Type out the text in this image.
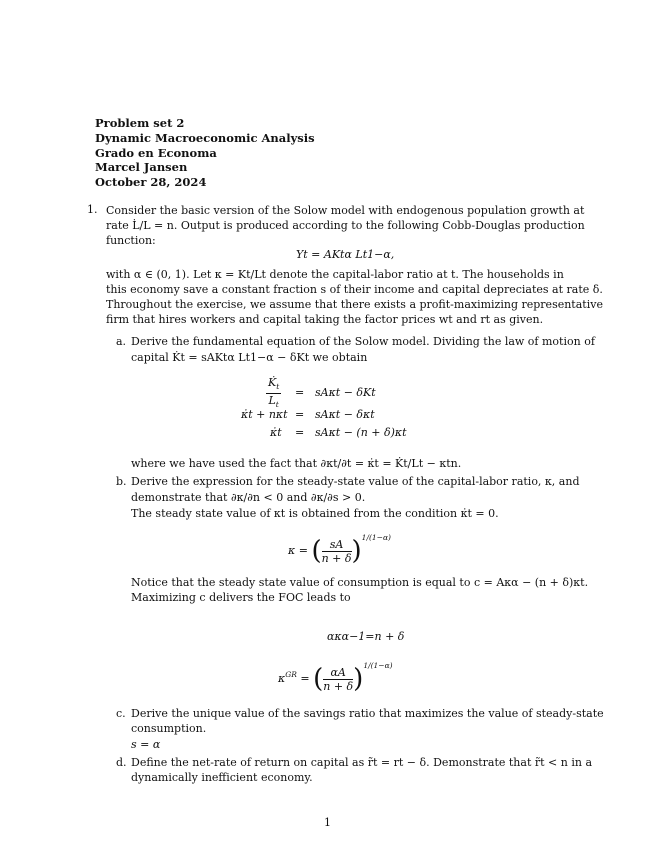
Problem set 2
Dynamic Macroeconomic Analysis
Grado en Economa
Marcel Jansen
October 28, 2024
1. Consider the basic version of the Solow model with endogenous population growth at
rate L̇/L = n. Output is produced according to the following Cobb-Douglas production
function:
Yt = AKtα Lt1−α,
with α ∈ (0, 1). Let κ = Kt/Lt denote the capital-labor ratio at t. The households in
this economy save a constant fraction s of their income and capital depreciates at rate δ.
Throughout the exercise, we assume that there exists a profit-maximizing representative
firm that hires workers and capital taking the factor prices wt and rt as given.
a. Derive the fundamental equation of the Solow model. Dividing the law of motion of
capital K̇t = sAKtα Lt1−α − δKt we obtain
$\frac{K̇_t}{L_t} = sA\kappa t - \delta Kt$
κ̇t + nκt = sAκt − δκt
κ̇t = sAκt − (n + δ)κt
where we have used the fact that ∂κt/∂t = κ̇t = K̇t/Lt − κtn.
b. Derive the expression for the steady-state value of the capital-labor ratio, κ, and
demonstrate that ∂κ/∂n < 0 and ∂κ/∂s > 0.
The steady state value of κt is obtained from the condition κ̇t = 0.
κ = ( $\frac{sA}{n + \delta} )^{1/(1-\alpha)}$
Notice that the steady state value of consumption is equal to c = Aκα − (n + δ)κt.
Maximizing c delivers the FOC leads to
ακα−1=n + δ
$\kappa^{GR}$ = ( $\frac{\alpha A}{n + \delta} )^{1/(1-\alpha)}$
c. Derive the unique value of the savings ratio that maximizes the value of steady-state
consumption.
s = α
d. Define the net-rate of return on capital as r̃t = rt − δ. Demonstrate that r̃t < n in a
dynamically inefficient economy.
1
